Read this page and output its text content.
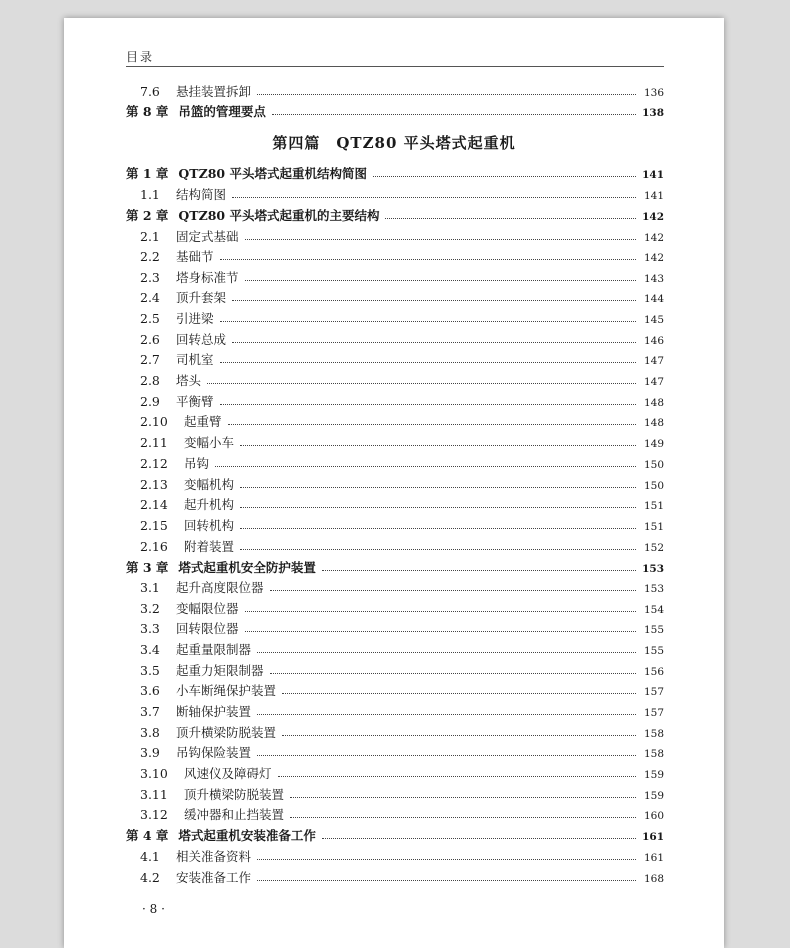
目录
第四篇　QTZ80 平头塔式起重机
7.6	悬挂装置拆卸	136
第 8 章 吊篮的管理要点	138
第 1 章 QTZ80 平头塔式起重机结构简图	141
1.1	结构简图	141
第 2 章 QTZ80 平头塔式起重机的主要结构	142
2.1	固定式基础	142
2.2	基础节	142
2.3	塔身标准节	143
2.4	顶升套架	144
2.5	引进梁	145
2.6	回转总成	146
2.7	司机室	147
2.8	塔头	147
2.9	平衡臂	148
2.10	起重臂	148
2.11	变幅小车	149
2.12	吊钩	150
2.13	变幅机构	150
2.14	起升机构	151
2.15	回转机构	151
2.16	附着装置	152
第 3 章 塔式起重机安全防护装置	153
3.1	起升高度限位器	153
3.2	变幅限位器	154
3.3	回转限位器	155
3.4	起重量限制器	155
3.5	起重力矩限制器	156
3.6	小车断绳保护装置	157
3.7	断轴保护装置	157
3.8	顶升横梁防脱装置	158
3.9	吊钩保险装置	158
3.10	风速仪及障碍灯	159
3.11	顶升横梁防脱装置	159
3.12	缓冲器和止挡装置	160
第 4 章 塔式起重机安装准备工作	161
4.1	相关准备资料	161
4.2	安装准备工作	168
· 8 ·
